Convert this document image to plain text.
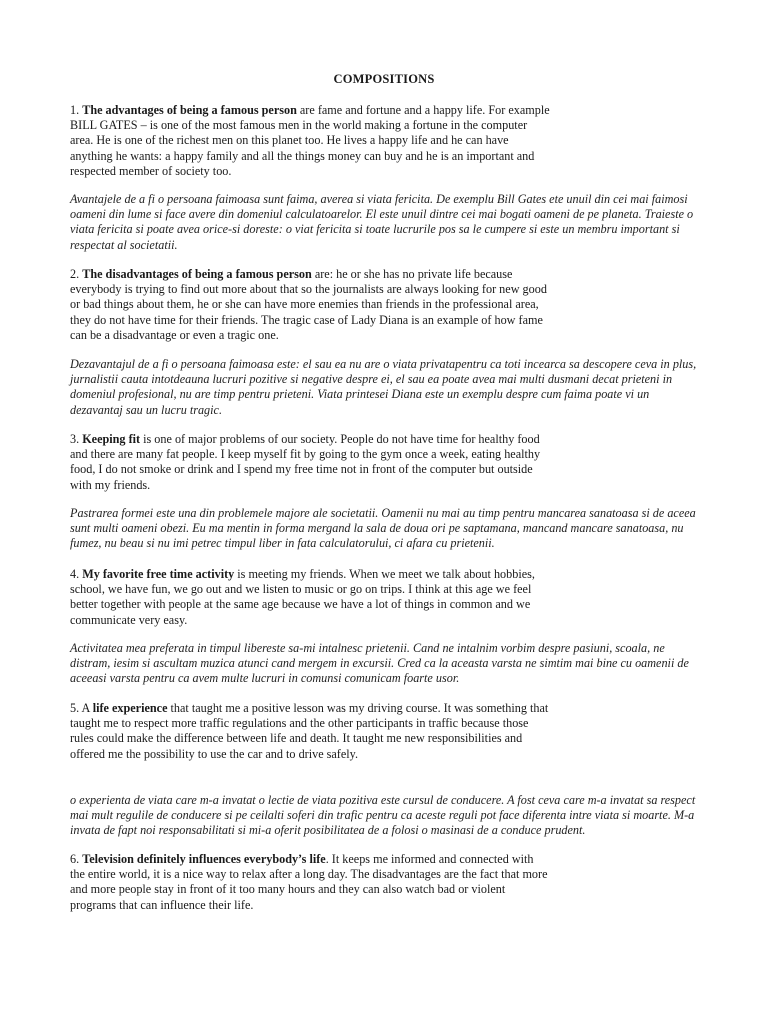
COMPOSITIONS
1. The advantages of being a famous person are fame and fortune and a happy life. For example BILL GATES – is one of the most famous men in the world making a fortune in the computer area. He is one of the richest men on this planet too. He lives a happy life and he can have anything he wants: a happy family and all the things money can buy and he is an important and respected member of society too.
Avantajele de a fi o persoana faimoasa sunt faima, averea si viata fericita. De exemplu Bill Gates ete unuil din cei mai faimosi oameni din lume si face avere din domeniul calculatoarelor. El este unuil dintre cei mai bogati oameni de pe planeta. Traieste o viata fericita si poate avea orice-si doreste: o viat fericita si toate lucrurile pos sa le cumpere si este un membru important si respectat al societatii.
2. The disadvantages of being a famous person are: he or she has no private life because everybody is trying to find out more about that so the journalists are always looking for new good or bad things about them, he or she can have more enemies than friends in the professional area, they do not have time for their friends. The tragic case of Lady Diana is an example of how fame can be a disadvantage or even a tragic one.
Dezavantajul de a fi o persoana faimoasa este: el sau ea nu are o viata privatapentru ca toti incearca sa descopere ceva in plus, jurnalistii cauta intotdeauna lucruri pozitive si negative despre ei, el sau ea poate avea mai multi dusmani decat prieteni in domeniul profesional, nu are timp pentru prieteni. Viata printesei Diana este un exemplu despre cum faima poate vi un dezavantaj sau un lucru tragic.
3. Keeping fit is one of major problems of our society. People do not have time for healthy food and there are many fat people. I keep myself fit by going to the gym once a week, eating healthy food, I do not smoke or drink and I spend my free time not in front of the computer but outside with my friends.
Pastrarea formei este una din problemele majore ale societatii. Oamenii nu mai au timp pentru mancarea sanatoasa si de aceea sunt multi oameni obezi. Eu ma mentin in forma mergand la sala de doua ori pe saptamana, mancand mancare sanatoasa, nu fumez, nu beau si nu imi petrec timpul liber in fata calculatorului, ci afara cu prietenii.
4. My favorite free time activity is meeting my friends. When we meet we talk about hobbies, school, we have fun, we go out and we listen to music or go on trips. I think at this age we feel better together with people at the same age because we have a lot of things in common and we communicate very easy.
Activitatea mea preferata in timpul libereste sa-mi intalnesc prietenii. Cand ne intalnim vorbim despre pasiuni, scoala, ne distram, iesim si ascultam muzica atunci cand mergem in excursii. Cred ca la aceasta varsta ne simtim mai bine cu oamenii de aceeasi varsta pentru ca avem multe lucruri in comunsi comunicam foarte usor.
5. A life experience that taught me a positive lesson was my driving course. It was something that taught me to respect more traffic regulations and the other participants in traffic because those rules could make the difference between life and death. It taught me new responsibilities and offered me the possibility to use the car and to drive safely.
o experienta de viata care m-a invatat o lectie de viata pozitiva este cursul de conducere. A fost ceva care m-a invatat sa respect mai mult regulile de conducere si pe ceilalti soferi din trafic pentru ca aceste reguli pot face diferenta intre viata si moarte. M-a invata de fapt noi responsabilitati si mi-a oferit posibilitatea de a folosi o masinasi de a conduce prudent.
6. Television definitely influences everybody’s life. It keeps me informed and connected with the entire world, it is a nice way to relax after a long day. The disadvantages are the fact that more and more people stay in front of it too many hours and they can also watch bad or violent programs that can influence their life.
